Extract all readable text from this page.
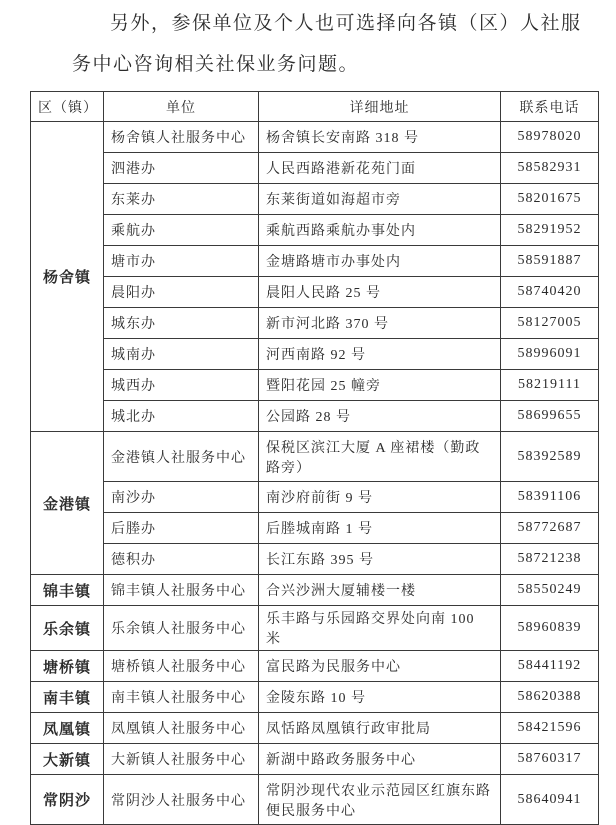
另外，参保单位及个人也可选择向各镇（区）人社服

务中心咨询相关社保业务问题。

区（镇）	单位	详细地址	联系电话
杨舍镇	杨舍镇人社服务中心	杨舍镇长安南路 318 号	58978020
	泗港办	人民西路港新花苑门面	58582931
	东莱办	东莱街道如海超市旁	58201675
	乘航办	乘航西路乘航办事处内	58291952
	塘市办	金塘路塘市办事处内	58591887
	晨阳办	晨阳人民路 25 号	58740420
	城东办	新市河北路 370 号	58127005
	城南办	河西南路 92 号	58996091
	城西办	暨阳花园 25 幢旁	58219111
	城北办	公园路 28 号	58699655
金港镇	金港镇人社服务中心	保税区滨江大厦 A 座裙楼（勤政路旁）	58392589
	南沙办	南沙府前街 9 号	58391106
	后塍办	后塍城南路 1 号	58772687
	德积办	长江东路 395 号	58721238
锦丰镇	锦丰镇人社服务中心	合兴沙洲大厦辅楼一楼	58550249
乐余镇	乐余镇人社服务中心	乐丰路与乐园路交界处向南 100 米	58960839
塘桥镇	塘桥镇人社服务中心	富民路为民服务中心	58441192
南丰镇	南丰镇人社服务中心	金陵东路 10 号	58620388
凤凰镇	凤凰镇人社服务中心	凤恬路凤凰镇行政审批局	58421596
大新镇	大新镇人社服务中心	新湖中路政务服务中心	58760317
常阴沙	常阴沙人社服务中心	常阴沙现代农业示范园区红旗东路便民服务中心	58640941
